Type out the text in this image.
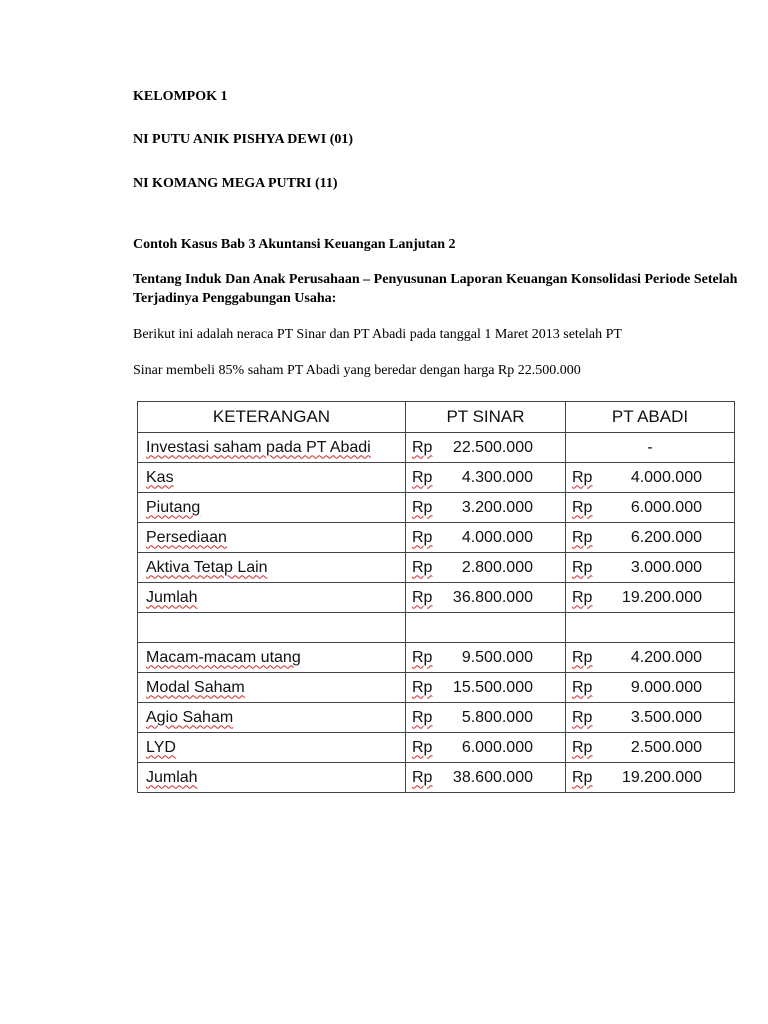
KELOMPOK 1
NI PUTU ANIK PISHYA DEWI (01)
NI KOMANG MEGA PUTRI (11)
Contoh Kasus Bab 3 Akuntansi Keuangan Lanjutan 2
Tentang Induk Dan Anak Perusahaan – Penyusunan Laporan Keuangan Konsolidasi Periode Setelah Terjadinya Penggabungan Usaha:
Berikut ini adalah neraca PT Sinar dan PT Abadi pada tanggal 1 Maret 2013 setelah PT
Sinar membeli 85% saham PT Abadi yang beredar dengan harga Rp 22.500.000
KETERANGAN	PT SINAR	PT ABADI
Investasi saham pada PT Abadi	Rp 22.500.000	-
Kas	Rp 4.300.000	Rp 4.000.000

Piutang	Rp 3.200.000	Rp 6.000.000

Persediaan	Rp 4.000.000	Rp 6.200.000

Aktiva Tetap Lain	Rp 2.800.000	Rp 3.000.000

Jumlah	Rp 36.800.000	Rp 19.200.000

Macam-macam utang	Rp 9.500.000	Rp 4.200.000

Modal Saham	Rp 15.500.000	Rp 9.000.000

Agio Saham	Rp 5.800.000	Rp 3.500.000

LYD	Rp 6.000.000	Rp 2.500.000

Jumlah	Rp 38.600.000	Rp 19.200.000
